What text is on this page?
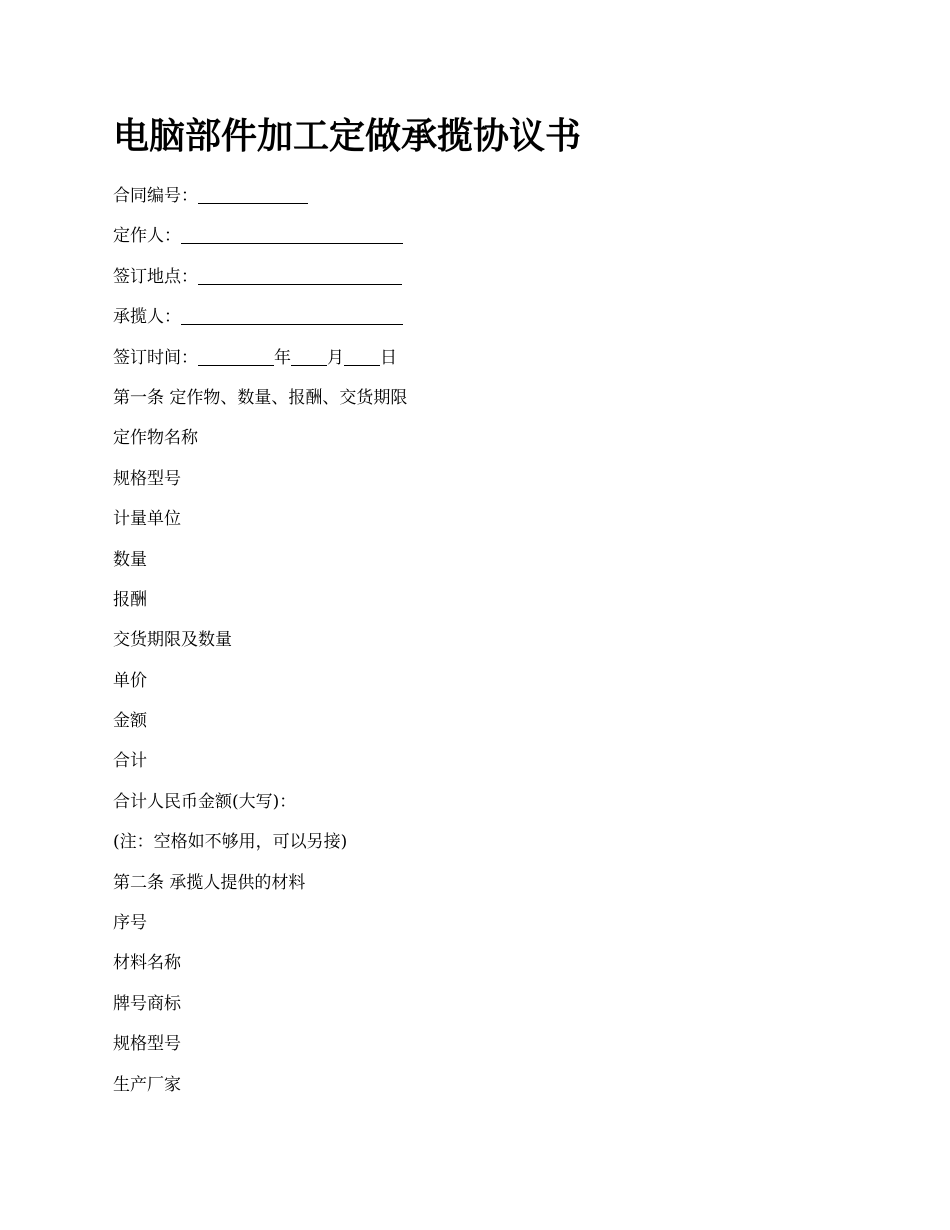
电脑部件加工定做承揽协议书
合同编号：
定作人：
签订地点：
承揽人：
签订时间：	年 月 日
第一条 定作物、数量、报酬、交货期限
定作物名称
规格型号
计量单位
数量
报酬
交货期限及数量
单价
金额
合计
合计人民币金额(大写)：
(注：空格如不够用，可以另接)
第二条 承揽人提供的材料
序号
材料名称
牌号商标
规格型号
生产厂家
